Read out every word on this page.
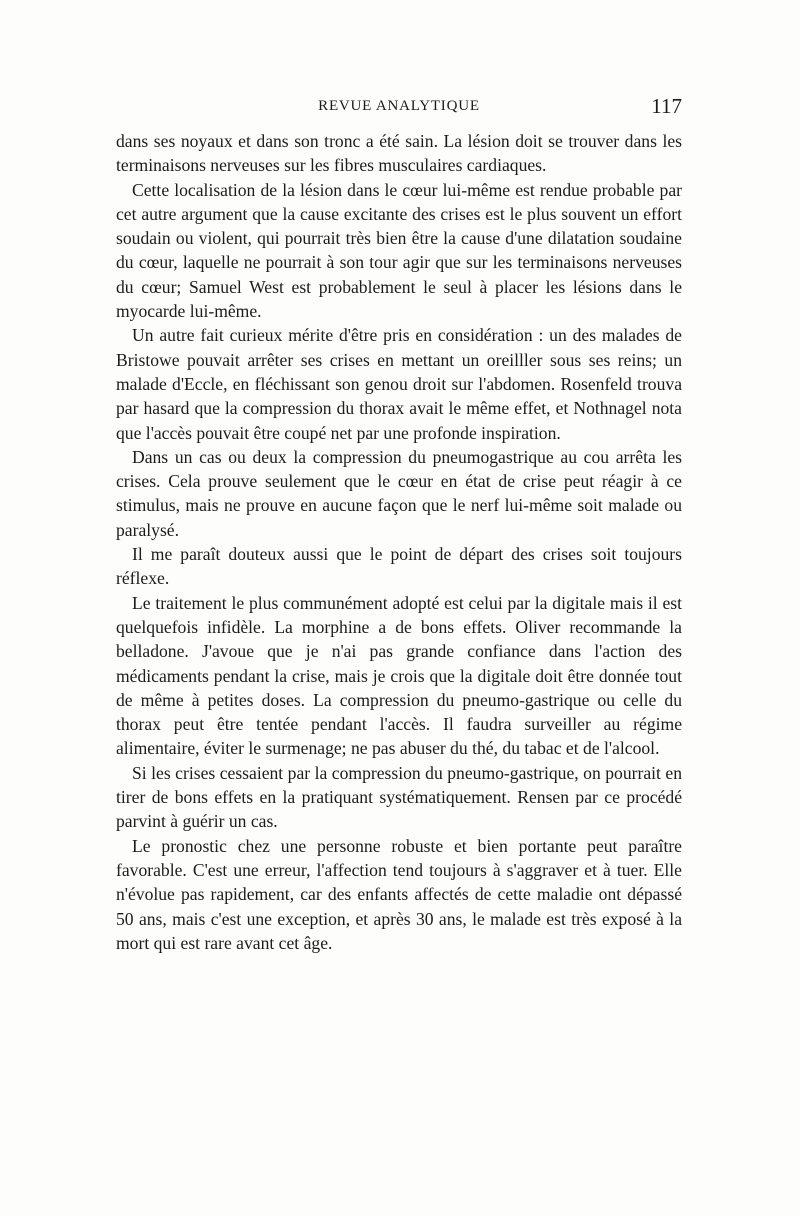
REVUE ANALYTIQUE	117

dans ses noyaux et dans son tronc a été sain. La lésion doit se trouver dans les terminaisons nerveuses sur les fibres musculaires cardiaques.

Cette localisation de la lésion dans le cœur lui-même est rendue probable par cet autre argument que la cause excitante des crises est le plus souvent un effort soudain ou violent, qui pourrait très bien être la cause d'une dilatation soudaine du cœur, laquelle ne pourrait à son tour agir que sur les terminaisons nerveuses du cœur; Samuel West est probablement le seul à placer les lésions dans le myocarde lui-même.

Un autre fait curieux mérite d'être pris en considération : un des malades de Bristowe pouvait arrêter ses crises en mettant un oreilller sous ses reins; un malade d'Eccle, en fléchissant son genou droit sur l'abdomen. Rosenfeld trouva par hasard que la compression du thorax avait le même effet, et Nothnagel nota que l'accès pouvait être coupé net par une profonde inspiration.

Dans un cas ou deux la compression du pneumogastrique au cou arrêta les crises. Cela prouve seulement que le cœur en état de crise peut réagir à ce stimulus, mais ne prouve en aucune façon que le nerf lui-même soit malade ou paralysé.

Il me paraît douteux aussi que le point de départ des crises soit toujours réflexe.

Le traitement le plus communément adopté est celui par la digitale mais il est quelquefois infidèle. La morphine a de bons effets. Oliver recommande la belladone. J'avoue que je n'ai pas grande confiance dans l'action des médicaments pendant la crise, mais je crois que la digitale doit être donnée tout de même à petites doses. La compression du pneumo-gastrique ou celle du thorax peut être tentée pendant l'accès. Il faudra surveiller au régime alimentaire, éviter le surmenage; ne pas abuser du thé, du tabac et de l'alcool.

Si les crises cessaient par la compression du pneumo-gastrique, on pourrait en tirer de bons effets en la pratiquant systématiquement. Rensen par ce procédé parvint à guérir un cas.

Le pronostic chez une personne robuste et bien portante peut paraître favorable. C'est une erreur, l'affection tend toujours à s'aggraver et à tuer. Elle n'évolue pas rapidement, car des enfants affectés de cette maladie ont dépassé 50 ans, mais c'est une exception, et après 30 ans, le malade est très exposé à la mort qui est rare avant cet âge.
